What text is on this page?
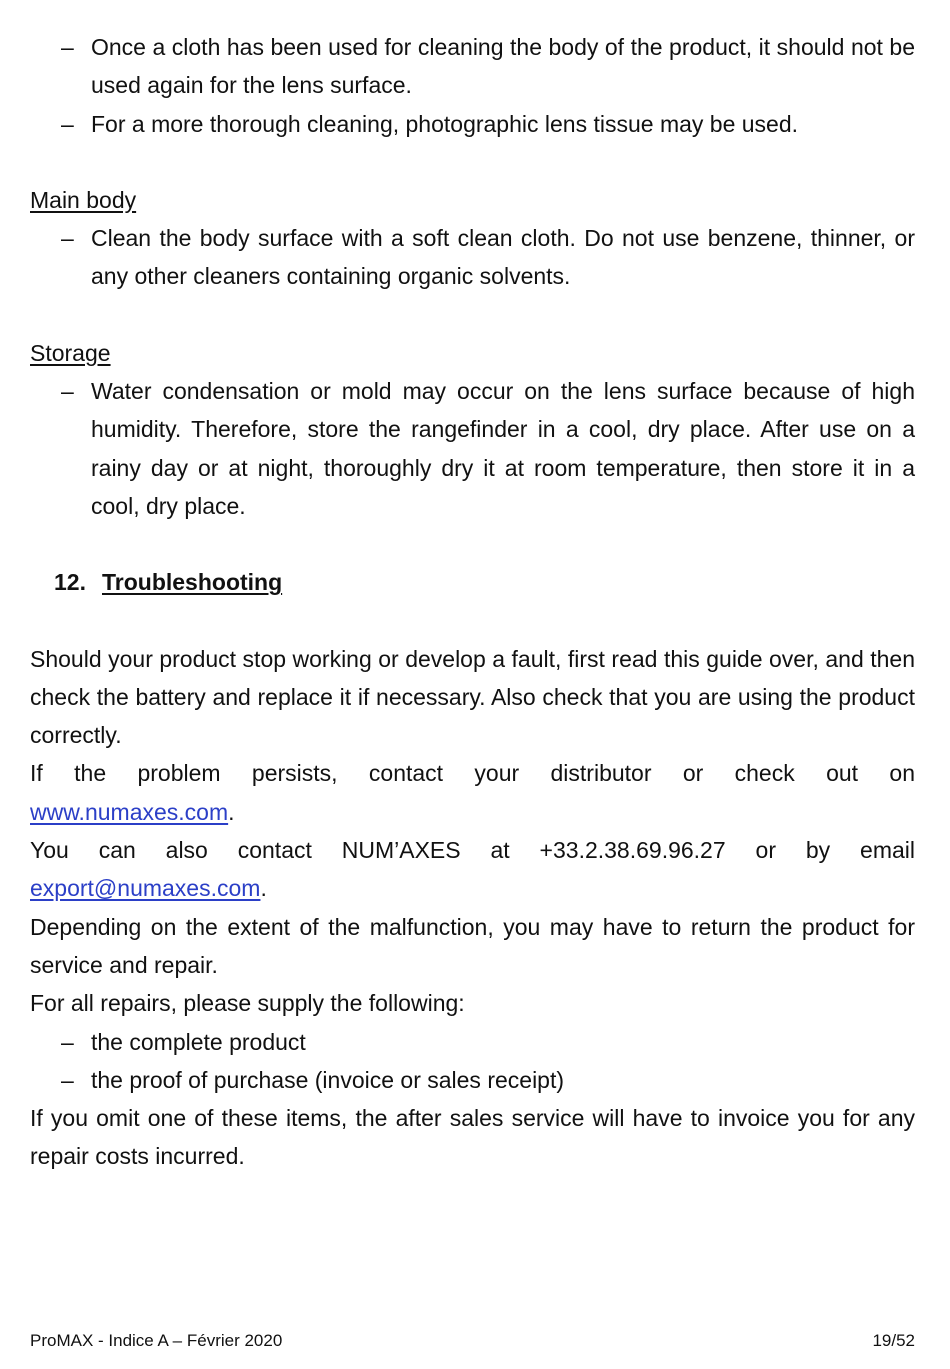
– Once a cloth has been used for cleaning the body of the product, it should not be used again for the lens surface.
– For a more thorough cleaning, photographic lens tissue may be used.
Main body
– Clean the body surface with a soft clean cloth. Do not use benzene, thinner, or any other cleaners containing organic solvents.
Storage
– Water condensation or mold may occur on the lens surface because of high humidity. Therefore, store the rangefinder in a cool, dry place. After use on a rainy day or at night, thoroughly dry it at room temperature, then store it in a cool, dry place.
12. Troubleshooting
Should your product stop working or develop a fault, first read this guide over, and then check the battery and replace it if necessary. Also check that you are using the product correctly.
If the problem persists, contact your distributor or check out on
www.numaxes.com.
You can also contact NUM’AXES at +33.2.38.69.96.27 or by email
export@numaxes.com.
Depending on the extent of the malfunction, you may have to return the product for service and repair.
For all repairs, please supply the following:
– the complete product
– the proof of purchase (invoice or sales receipt)
If you omit one of these items, the after sales service will have to invoice you for any repair costs incurred.
ProMAX - Indice A – Février 2020	19/52
